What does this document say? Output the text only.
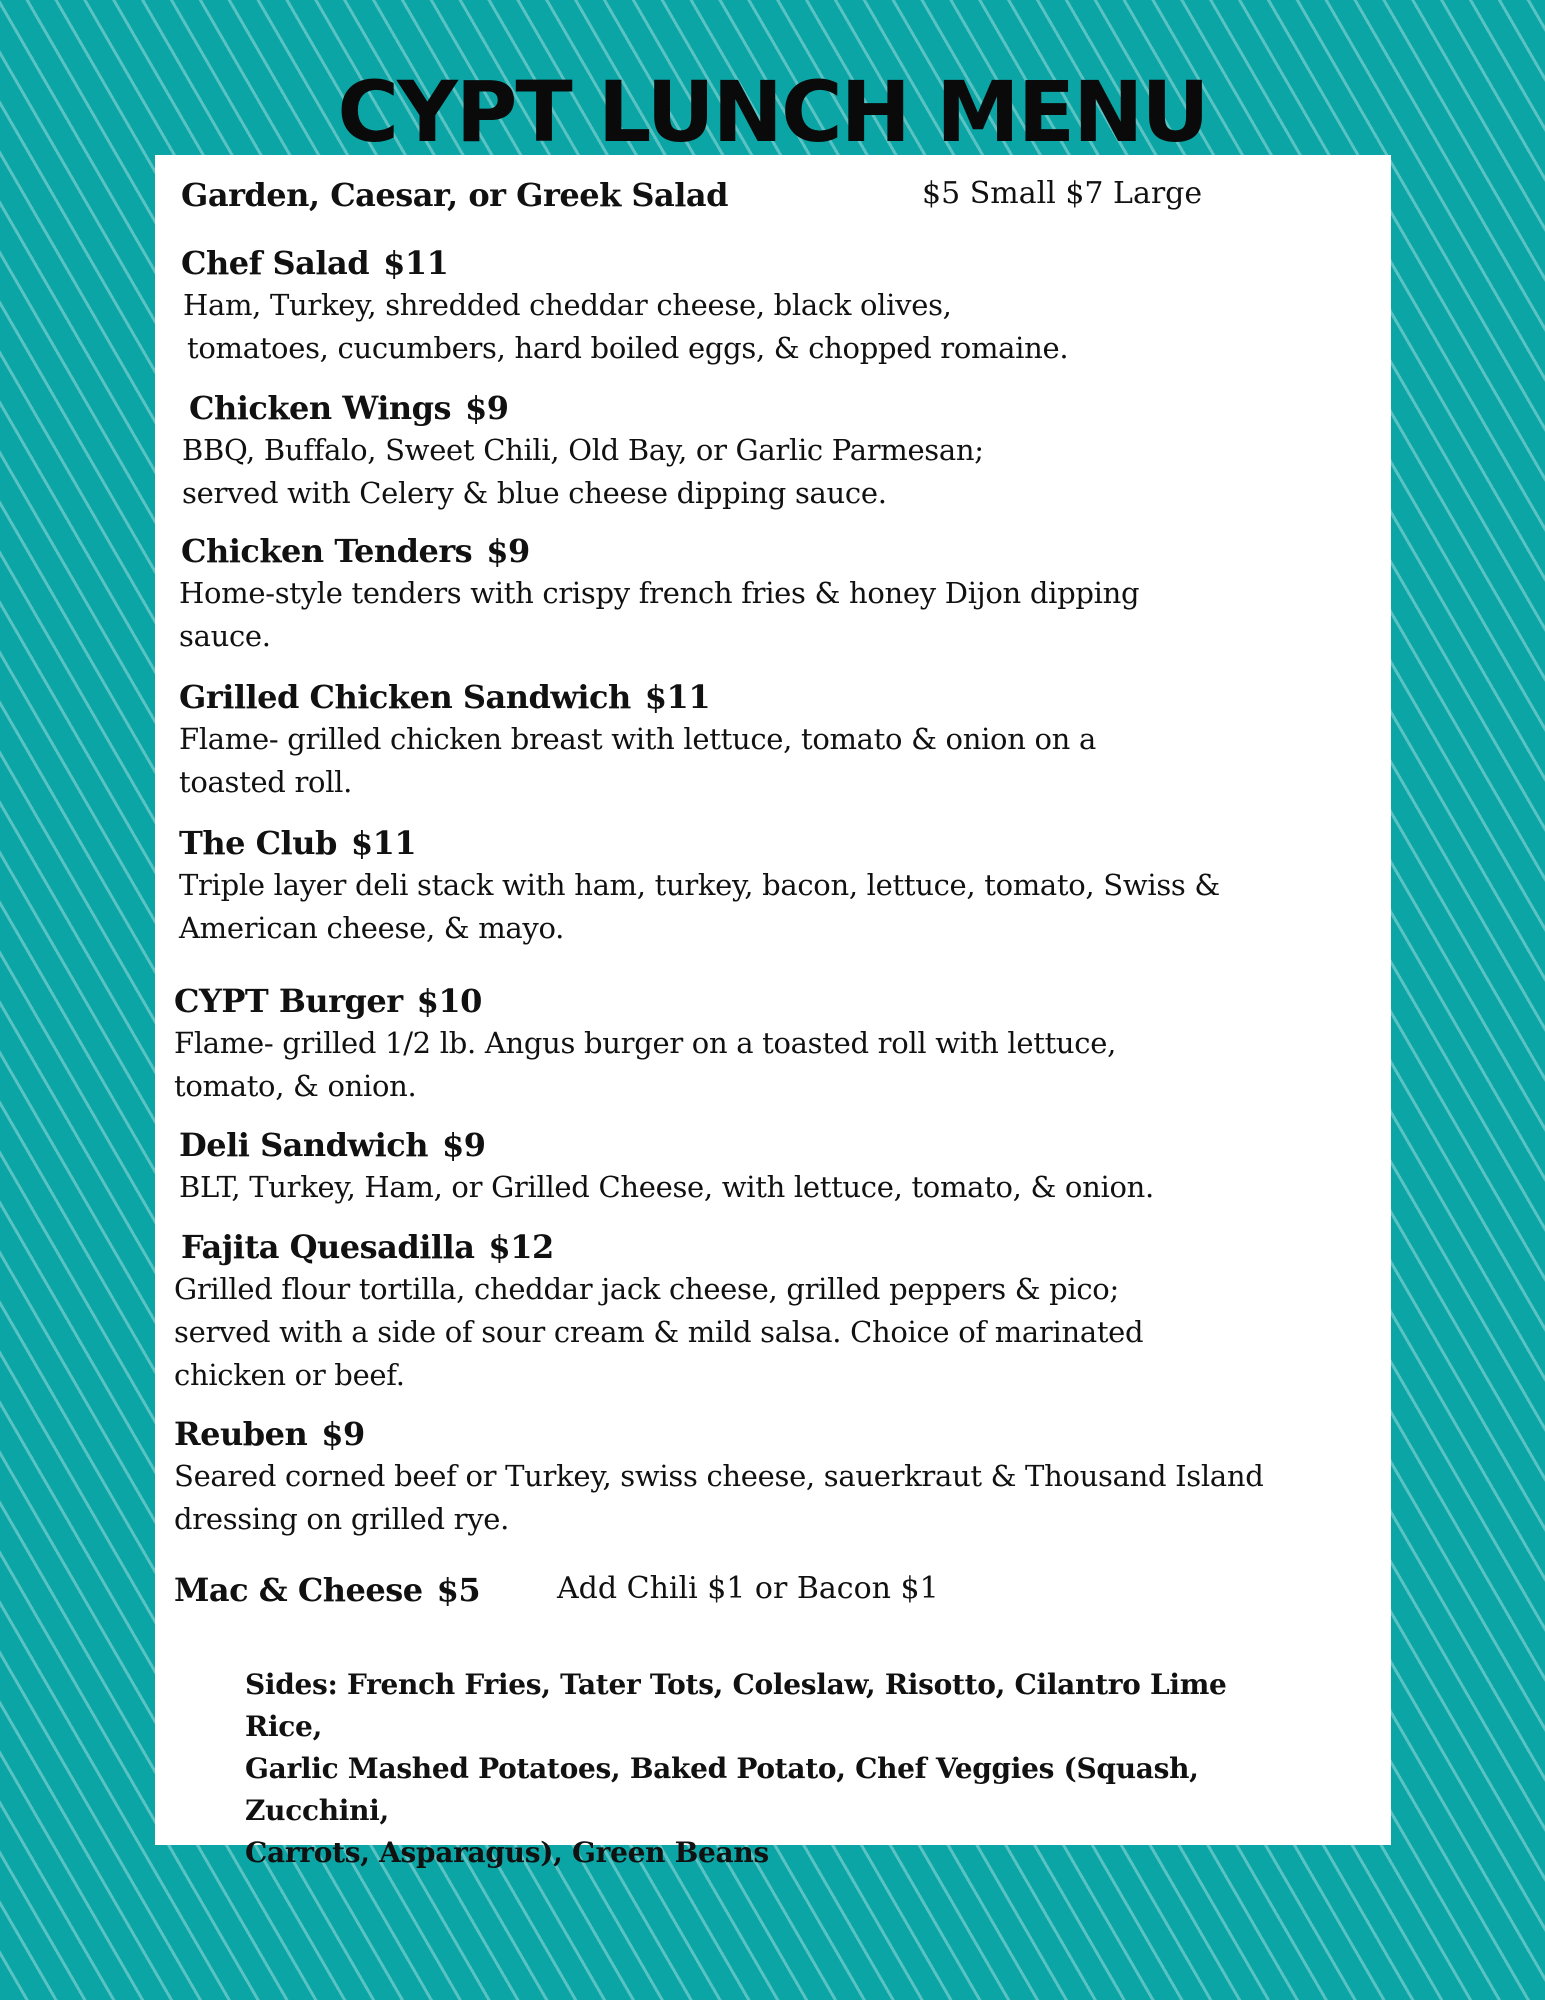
CYPT LUNCH MENU
Garden, Caesar, or Greek Salad	$5 Small $7 Large
Chef Salad $11
Ham, Turkey, shredded cheddar cheese, black olives,
tomatoes, cucumbers, hard boiled eggs, & chopped romaine.
Chicken Wings $9
BBQ, Buffalo, Sweet Chili, Old Bay, or Garlic Parmesan;
served with Celery & blue cheese dipping sauce.
Chicken Tenders $9
Home-style tenders with crispy french fries & honey Dijon dipping
sauce.
Grilled Chicken Sandwich $11
Flame- grilled chicken breast with lettuce, tomato & onion on a
toasted roll.
The Club $11
Triple layer deli stack with ham, turkey, bacon, lettuce, tomato, Swiss &
American cheese, & mayo.
CYPT Burger $10
Flame- grilled 1/2 lb. Angus burger on a toasted roll with lettuce,
tomato, & onion.
Deli Sandwich $9
BLT, Turkey, Ham, or Grilled Cheese, with lettuce, tomato, & onion.
Fajita Quesadilla $12
Grilled flour tortilla, cheddar jack cheese, grilled peppers & pico;
served with a side of sour cream & mild salsa. Choice of marinated
chicken or beef.
Reuben $9
Seared corned beef or Turkey, swiss cheese, sauerkraut & Thousand Island
dressing on grilled rye.
Mac & Cheese $5	Add Chili $1 or Bacon $1
Sides: French Fries, Tater Tots, Coleslaw, Risotto, Cilantro Lime Rice,
Garlic Mashed Potatoes, Baked Potato, Chef Veggies (Squash, Zucchini,
Carrots, Asparagus), Green Beans
